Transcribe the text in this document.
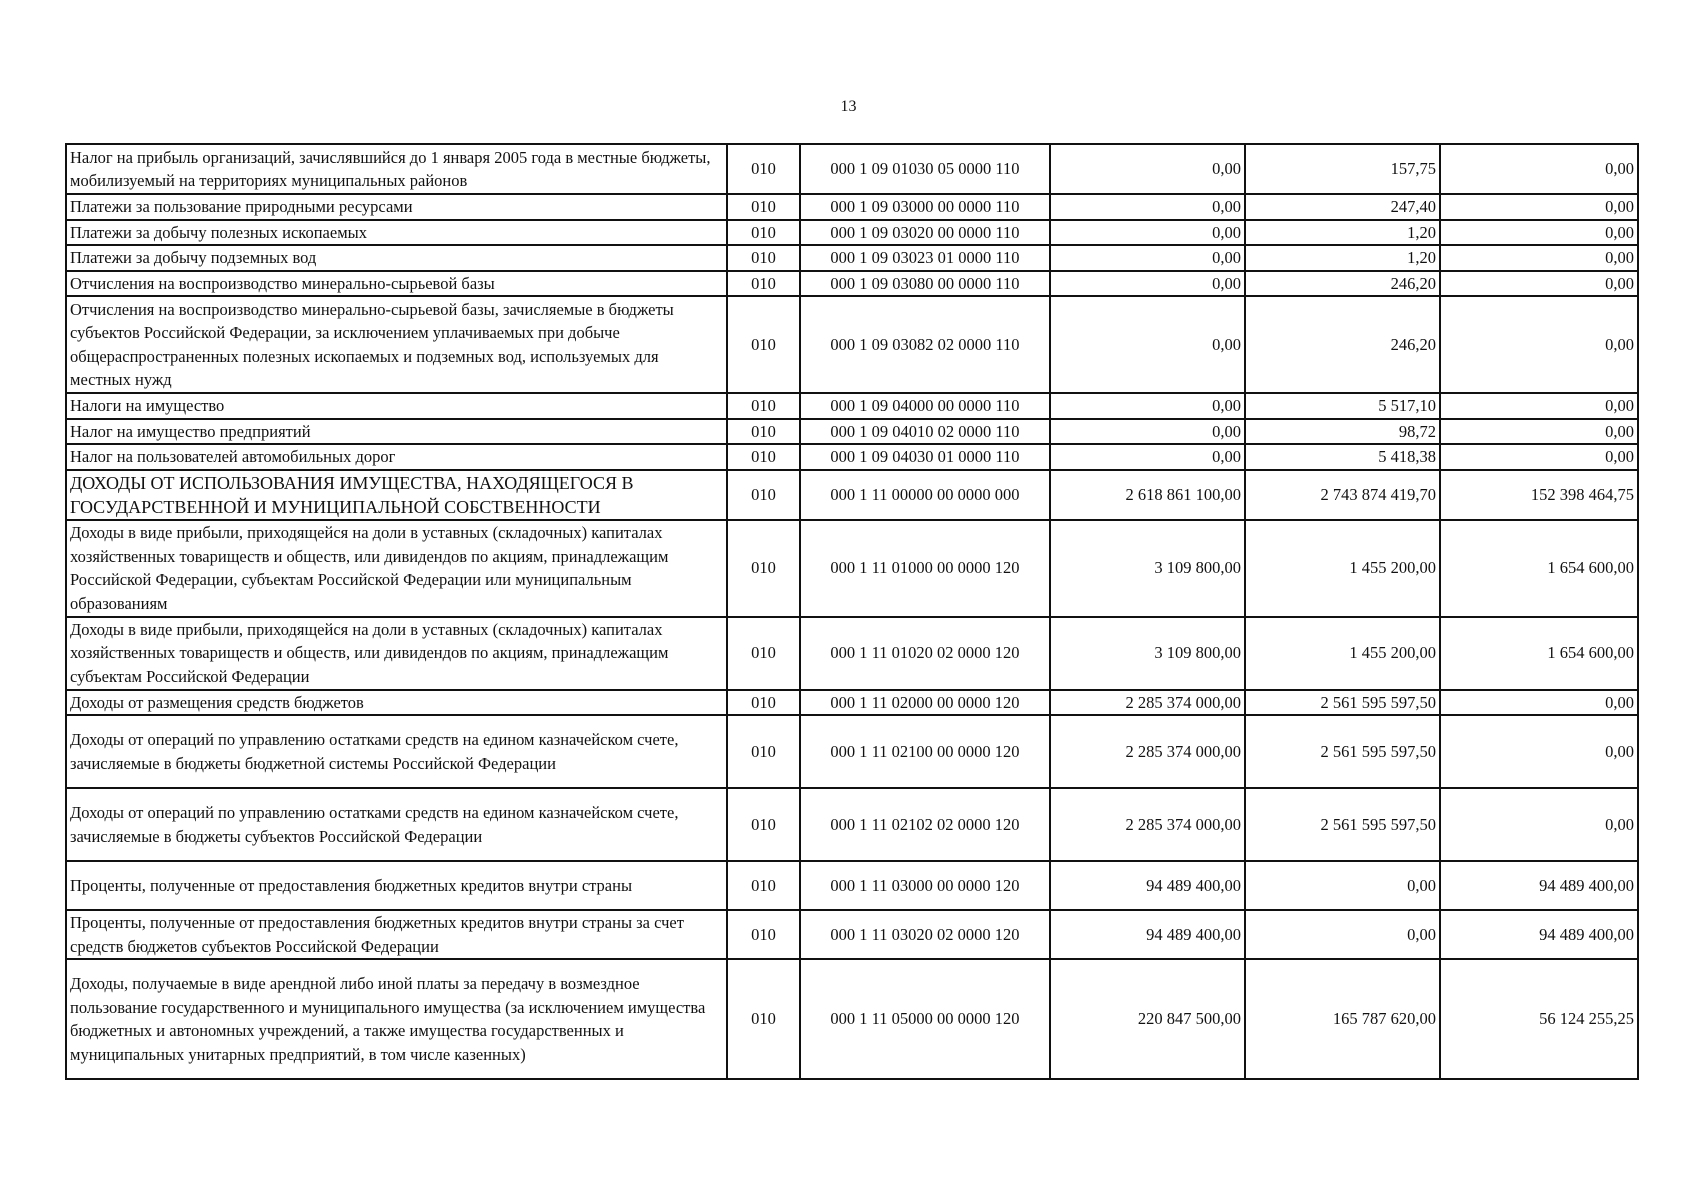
13
Налог на прибыль организаций, зачислявшийся до 1 января 2005 года в местные бюджеты, мобилизуемый на территориях муниципальных районов	010	000 1 09 01030 05 0000 110	0,00	157,75	0,00
Платежи за пользование природными ресурсами	010	000 1 09 03000 00 0000 110	0,00	247,40	0,00
Платежи за добычу полезных ископаемых	010	000 1 09 03020 00 0000 110	0,00	1,20	0,00
Платежи за добычу подземных вод	010	000 1 09 03023 01 0000 110	0,00	1,20	0,00
Отчисления на воспроизводство минерально-сырьевой базы	010	000 1 09 03080 00 0000 110	0,00	246,20	0,00
Отчисления на воспроизводство минерально-сырьевой базы, зачисляемые в бюджеты субъектов Российской Федерации, за исключением уплачиваемых при добыче общераспространенных полезных ископаемых и подземных вод, используемых для местных нужд	010	000 1 09 03082 02 0000 110	0,00	246,20	0,00
Налоги на имущество	010	000 1 09 04000 00 0000 110	0,00	5 517,10	0,00
Налог на имущество предприятий	010	000 1 09 04010 02 0000 110	0,00	98,72	0,00
Налог на пользователей автомобильных дорог	010	000 1 09 04030 01 0000 110	0,00	5 418,38	0,00
ДОХОДЫ ОТ ИСПОЛЬЗОВАНИЯ ИМУЩЕСТВА, НАХОДЯЩЕГОСЯ В ГОСУДАРСТВЕННОЙ И МУНИЦИПАЛЬНОЙ СОБСТВЕННОСТИ	010	000 1 11 00000 00 0000 000	2 618 861 100,00	2 743 874 419,70	152 398 464,75
Доходы в виде прибыли, приходящейся на доли в уставных (складочных) капиталах хозяйственных товариществ и обществ, или дивидендов по акциям, принадлежащим Российской Федерации, субъектам Российской Федерации или муниципальным образованиям	010	000 1 11 01000 00 0000 120	3 109 800,00	1 455 200,00	1 654 600,00
Доходы в виде прибыли, приходящейся на доли в уставных (складочных) капиталах хозяйственных товариществ и обществ, или дивидендов по акциям, принадлежащим субъектам Российской Федерации	010	000 1 11 01020 02 0000 120	3 109 800,00	1 455 200,00	1 654 600,00
Доходы от размещения средств бюджетов	010	000 1 11 02000 00 0000 120	2 285 374 000,00	2 561 595 597,50	0,00
Доходы от операций по управлению остатками средств на едином казначейском счете, зачисляемые в бюджеты бюджетной системы Российской Федерации	010	000 1 11 02100 00 0000 120	2 285 374 000,00	2 561 595 597,50	0,00
Доходы от операций по управлению остатками средств на едином казначейском счете, зачисляемые в бюджеты субъектов Российской Федерации	010	000 1 11 02102 02 0000 120	2 285 374 000,00	2 561 595 597,50	0,00
Проценты, полученные от предоставления бюджетных кредитов внутри страны	010	000 1 11 03000 00 0000 120	94 489 400,00	0,00	94 489 400,00
Проценты, полученные от предоставления бюджетных кредитов внутри страны за счет средств бюджетов субъектов Российской Федерации	010	000 1 11 03020 02 0000 120	94 489 400,00	0,00	94 489 400,00
Доходы, получаемые в виде арендной либо иной платы за передачу в возмездное пользование государственного и муниципального имущества (за исключением имущества бюджетных и автономных учреждений, а также имущества государственных и муниципальных унитарных предприятий, в том числе казенных)	010	000 1 11 05000 00 0000 120	220 847 500,00	165 787 620,00	56 124 255,25
